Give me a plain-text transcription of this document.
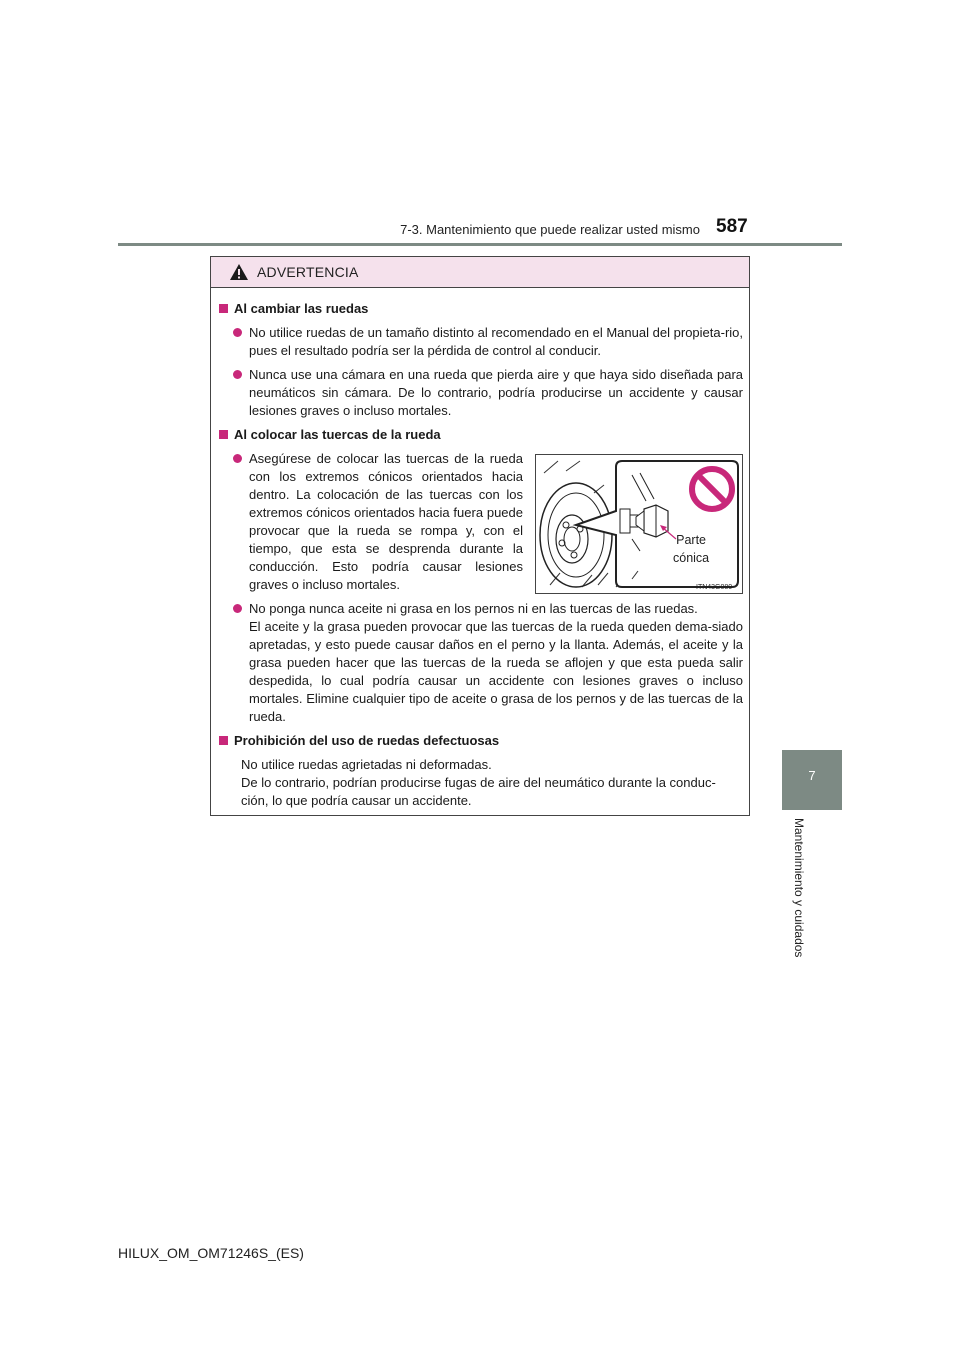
7-3. Mantenimiento que puede realizar usted mismo 587
7
Mantenimiento y cuidados
ADVERTENCIA
Al cambiar las ruedas
No utilice ruedas de un tamaño distinto al recomendado en el Manual del propieta-rio, pues el resultado podría ser la pérdida de control al conducir.
Nunca use una cámara en una rueda que pierda aire y que haya sido diseñada para neumáticos sin cámara. De lo contrario, podría producirse un accidente y causar lesiones graves o incluso mortales.
Al colocar las tuercas de la rueda
Asegúrese de colocar las tuercas de la rueda con los extremos cónicos orientados hacia dentro. La colocación de las tuercas con los extremos cónicos orientados hacia fuera puede provocar que la rueda se rompa y, con el tiempo, que esta se desprenda durante la conducción. Esto podría causar lesiones graves o incluso mortales.
Parte
cónica
ITN43G080

No ponga nunca aceite ni grasa en los pernos ni en las tuercas de las ruedas.

El aceite y la grasa pueden provocar que las tuercas de la rueda queden dema-siado apretadas, y esto puede causar daños en el perno y la llanta. Además, el aceite y la grasa pueden hacer que las tuercas de la rueda se aflojen y que esta pueda salir despedida, lo cual podría causar un accidente con lesiones graves o incluso mortales. Elimine cualquier tipo de aceite o grasa de los pernos y de las tuercas de la rueda.

Prohibición del uso de ruedas defectuosas

No utilice ruedas agrietadas ni deformadas.

De lo contrario, podrían producirse fugas de aire del neumático durante la conduc-ción, lo que podría causar un accidente.

HILUX_OM_OM71246S_(ES)
